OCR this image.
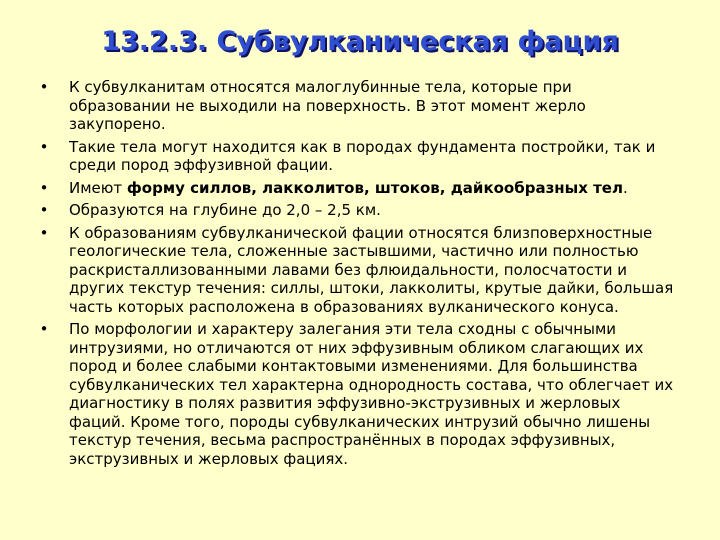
13.2.3. Субвулканическая фация
• К субвулканитам относятся малоглубинные тела, которые при образовании не выходили на поверхность. В этот момент жерло закупорено.
• Такие тела могут находится как в породах фундамента постройки, так и среди пород эффузивной фации.
• Имеют форму силлов, лакколитов, штоков, дайкообразных тел.
• Образуются на глубине до 2,0 – 2,5 км.
• К образованиям субвулканической фации относятся близповерхностные геологические тела, сложенные застывшими, частично или полностью раскристаллизованными лавами без флюидальности, полосчатости и других текстур течения: силлы, штоки, лакколиты, крутые дайки, большая часть которых расположена в образованиях вулканического конуса.
• По морфологии и характеру залегания эти тела сходны с обычными интрузиями, но отличаются от них эффузивным обликом слагающих их пород и более слабыми контактовыми изменениями. Для большинства субвулканических тел характерна однородность состава, что облегчает их диагностику в полях развития эффузивно-экструзивных и жерловых фаций. Кроме того, породы субвулканических интрузий обычно лишены текстур течения, весьма распространённых в породах эффузивных, экструзивных и жерловых фациях.
